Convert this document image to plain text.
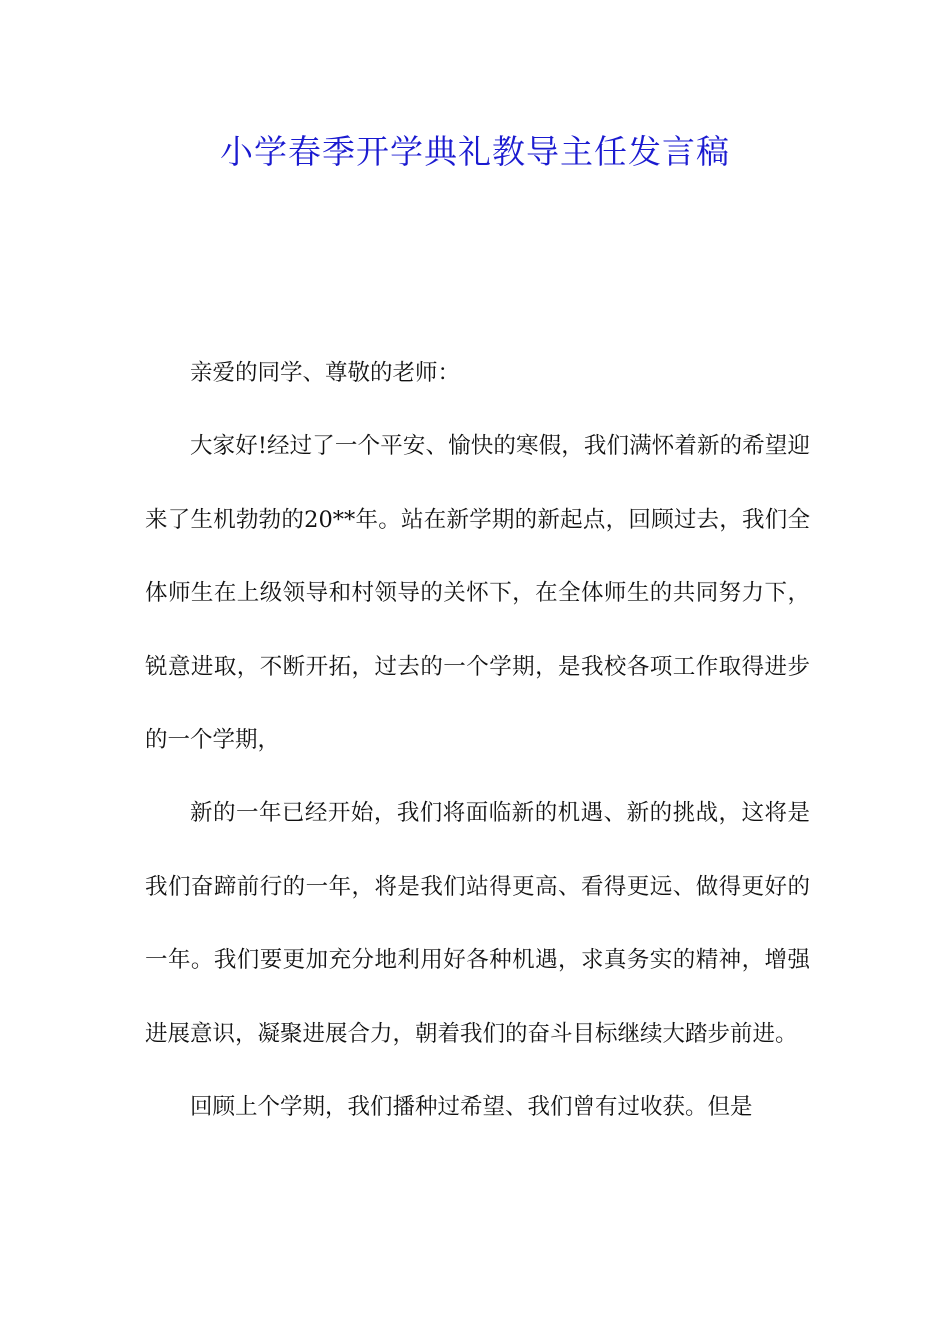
小学春季开学典礼教导主任发言稿

亲爱的同学、尊敬的老师：

大家好!经过了一个平安、愉快的寒假，我们满怀着新的希望迎来了生机勃勃的20**年。站在新学期的新起点，回顾过去，我们全体师生在上级领导和村领导的关怀下，在全体师生的共同努力下，锐意进取，不断开拓，过去的一个学期，是我校各项工作取得进步的一个学期，

新的一年已经开始，我们将面临新的机遇、新的挑战，这将是我们奋蹄前行的一年，将是我们站得更高、看得更远、做得更好的一年。我们要更加充分地利用好各种机遇，求真务实的精神，增强进展意识，凝聚进展合力，朝着我们的奋斗目标继续大踏步前进。

回顾上个学期，我们播种过希望、我们曾有过收获。但是
